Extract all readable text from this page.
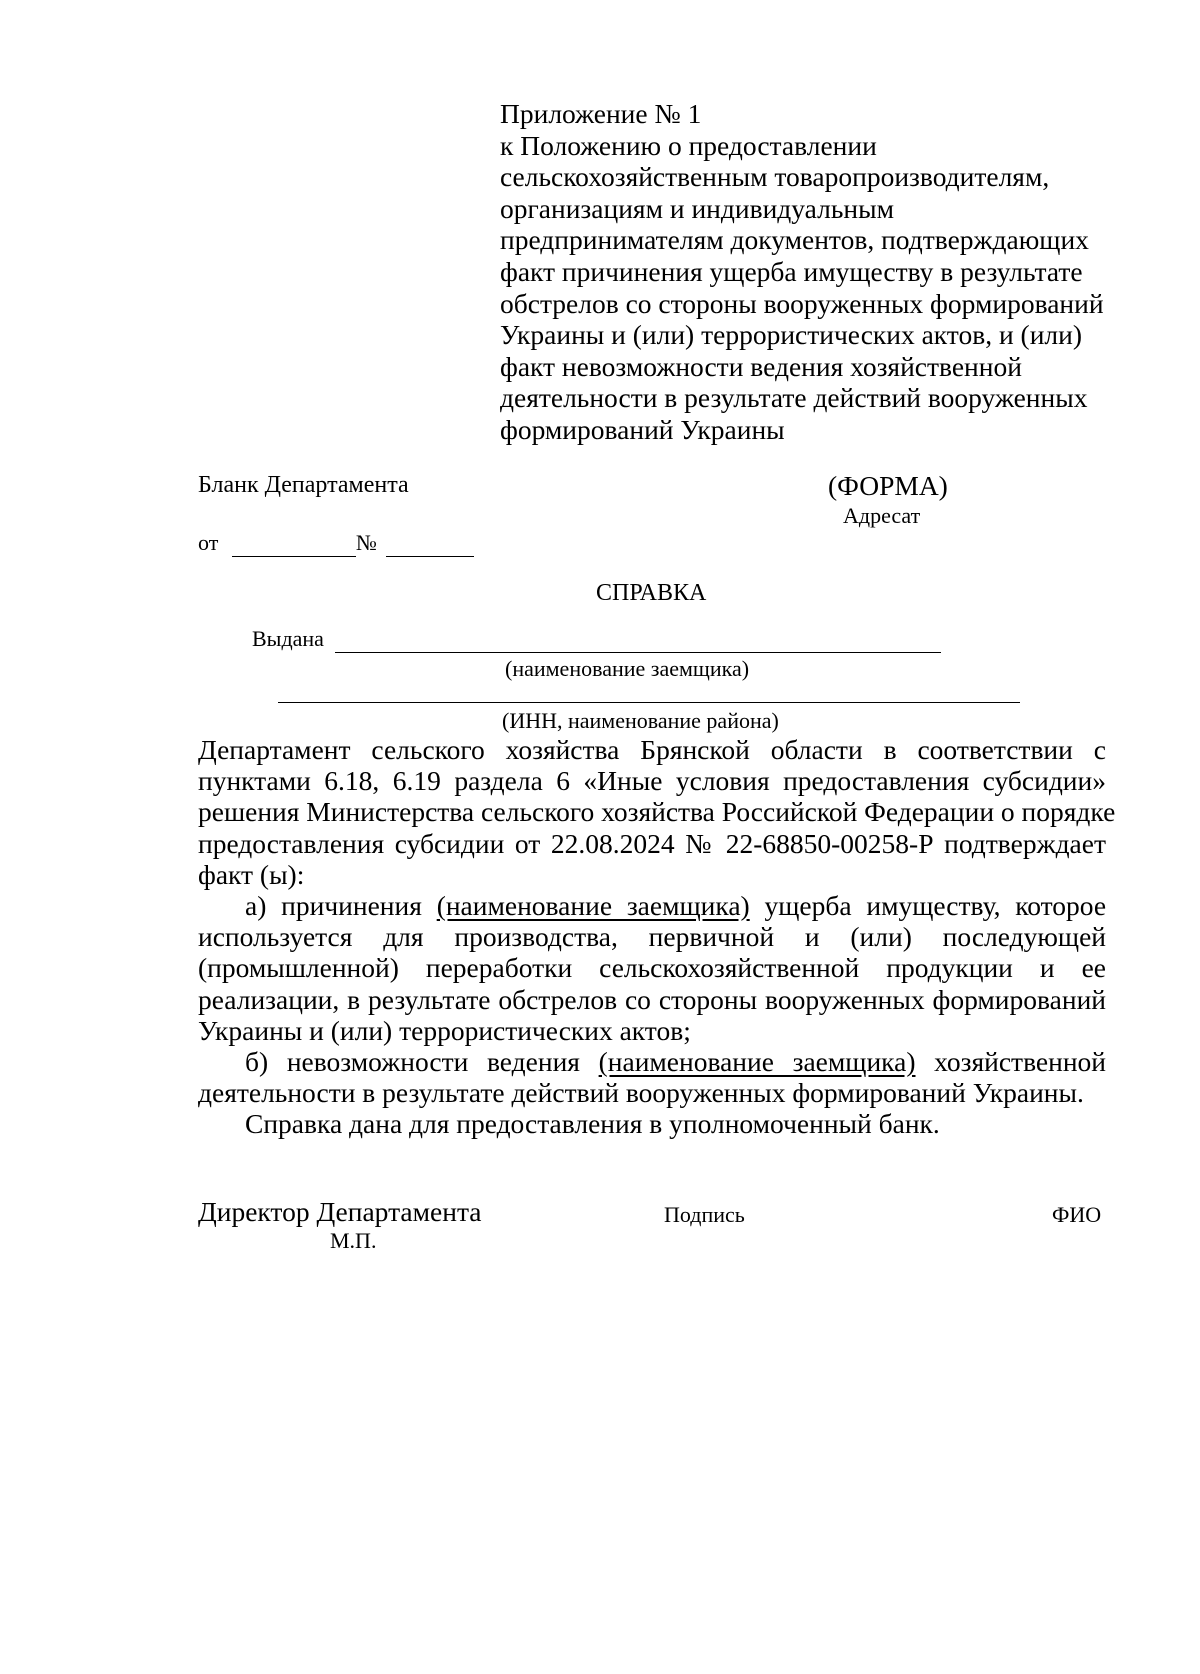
Приложение № 1
к Положению о предоставлении
сельскохозяйственным товаропроизводителям,
организациям и индивидуальным
предпринимателям документов, подтверждающих
факт причинения ущерба имуществу в результате
обстрелов со стороны вооруженных формирований
Украины и (или) террористических актов, и (или)
факт невозможности ведения хозяйственной
деятельности в результате действий вооруженных
формирований Украины
Бланк Департамента	(ФОРМА)
Адресат
от	№
СПРАВКА
Выдана
(наименование заемщика)
(ИНН, наименование района)
Департамент сельского хозяйства Брянской области в соответствии с
пунктами 6.18, 6.19 раздела 6 «Иные условия предоставления субсидии»
решения Министерства сельского хозяйства Российской Федерации о порядке
предоставления субсидии от 22.08.2024 № 22-68850-00258-Р подтверждает
факт (ы):
а) причинения (наименование заемщика) ущерба имуществу, которое
используется для производства, первичной и (или) последующей
(промышленной) переработки сельскохозяйственной продукции и ее
реализации, в результате обстрелов со стороны вооруженных формирований
Украины и (или) террористических актов;
б) невозможности ведения (наименование заемщика) хозяйственной
деятельности в результате действий вооруженных формирований Украины.
Справка дана для предоставления в уполномоченный банк.
Директор Департамента
М.П.
Подпись	ФИО
